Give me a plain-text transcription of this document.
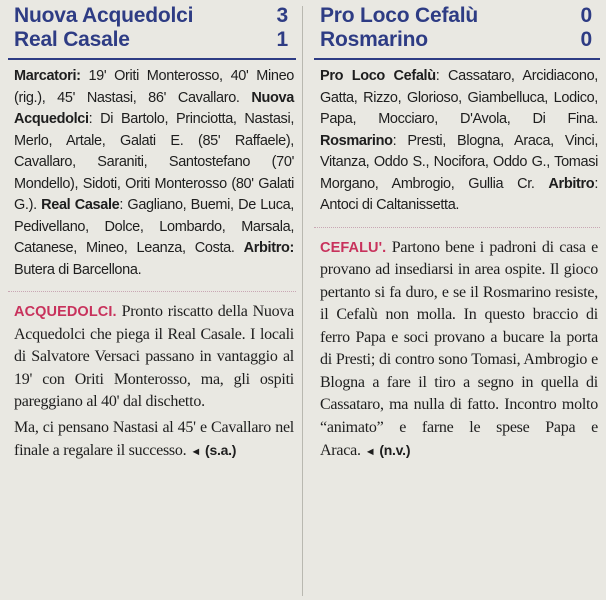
Nuova Acquedolci	3
Real Casale	1
Marcatori: 19' Oriti Monterosso, 40' Mineo (rig.), 45' Nastasi, 86' Cavallaro. Nuova Acquedolci: Di Bartolo, Princiotta, Nastasi, Merlo, Artale, Galati E. (85' Raffaele), Cavallaro, Saraniti, Santostefano (70' Mondello), Sidoti, Oriti Monterosso (80' Galati G.). Real Casale: Gagliano, Buemi, De Luca, Pedivellano, Dolce, Lombardo, Marsala, Catanese, Mineo, Leanza, Costa. Arbitro: Butera di Barcellona.

ACQUEDOLCI. Pronto riscatto della Nuova Acquedolci che piega il Real Casale. I locali di Salvatore Versaci passano in vantaggio al 19' con Oriti Monterosso, ma, gli ospiti pareggiano al 40' dal dischetto.

Ma, ci pensano Nastasi al 45' e Cavallaro nel finale a regalare il successo. ◄ (s.a.)

Pro Loco Cefalù	0
Rosmarino	0
Pro Loco Cefalù: Cassataro, Arcidiacono, Gatta, Rizzo, Glorioso, Giambelluca, Lodico, Papa, Mocciaro, D'Avola, Di Fina. Rosmarino: Presti, Blogna, Araca, Vinci, Vitanza, Oddo S., Nocifora, Oddo G., Tomasi Morgano, Ambrogio, Gullia Cr. Arbitro: Antoci di Caltanissetta.

CEFALU'. Partono bene i padroni di casa e provano ad insediarsi in area ospite. Il gioco pertanto si fa duro, e se il Rosmarino resiste, il Cefalù non molla. In questo braccio di ferro Papa e soci provano a bucare la porta di Presti; di contro sono Tomasi, Ambrogio e Blogna a fare il tiro a segno in quella di Cassataro, ma nulla di fatto. Incontro molto “animato” e farne le spese Papa e Araca. ◄ (n.v.)
